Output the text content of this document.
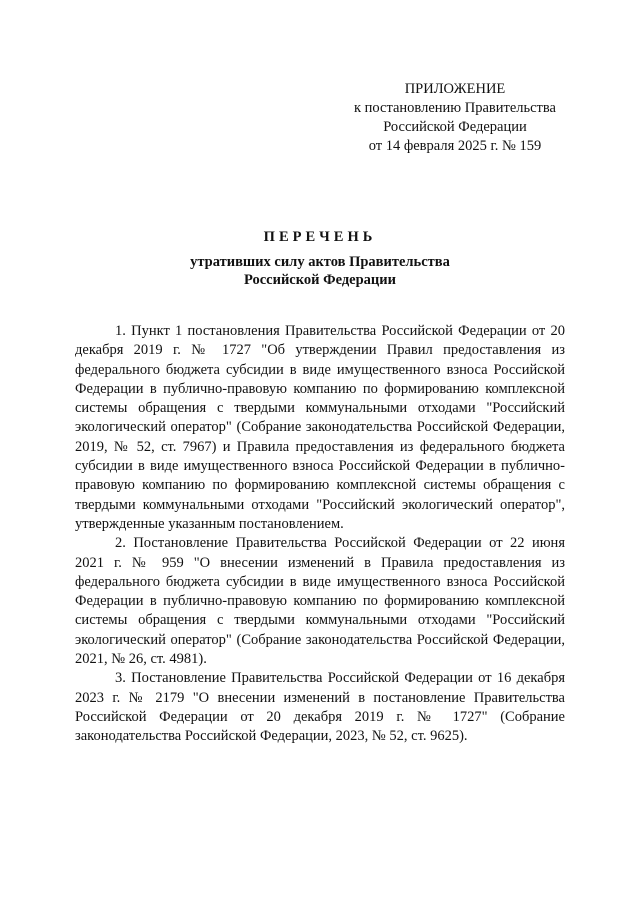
ПРИЛОЖЕНИЕ
к постановлению Правительства
Российской Федерации
от 14 февраля 2025 г. № 159
ПЕРЕЧЕНЬ
утративших силу актов Правительства
Российской Федерации

1. Пункт 1 постановления Правительства Российской Федерации от 20 декабря 2019 г. № 1727 "Об утверждении Правил предоставления из федерального бюджета субсидии в виде имущественного взноса Российской Федерации в публично-правовую компанию по формированию комплексной системы обращения с твердыми коммунальными отходами "Российский экологический оператор" (Собрание законодательства Российской Федерации, 2019, № 52, ст. 7967) и Правила предоставления из федерального бюджета субсидии в виде имущественного взноса Российской Федерации в публично-правовую компанию по формированию комплексной системы обращения с твердыми коммунальными отходами "Российский экологический оператор", утвержденные указанным постановлением.

2. Постановление Правительства Российской Федерации от 22 июня 2021 г. № 959 "О внесении изменений в Правила предоставления из федерального бюджета субсидии в виде имущественного взноса Российской Федерации в публично-правовую компанию по формированию комплексной системы обращения с твердыми коммунальными отходами "Российский экологический оператор" (Собрание законодательства Российской Федерации, 2021, № 26, ст. 4981).

3. Постановление Правительства Российской Федерации от 16 декабря 2023 г. № 2179 "О внесении изменений в постановление Правительства Российской Федерации от 20 декабря 2019 г. № 1727" (Собрание законодательства Российской Федерации, 2023, № 52, ст. 9625).
